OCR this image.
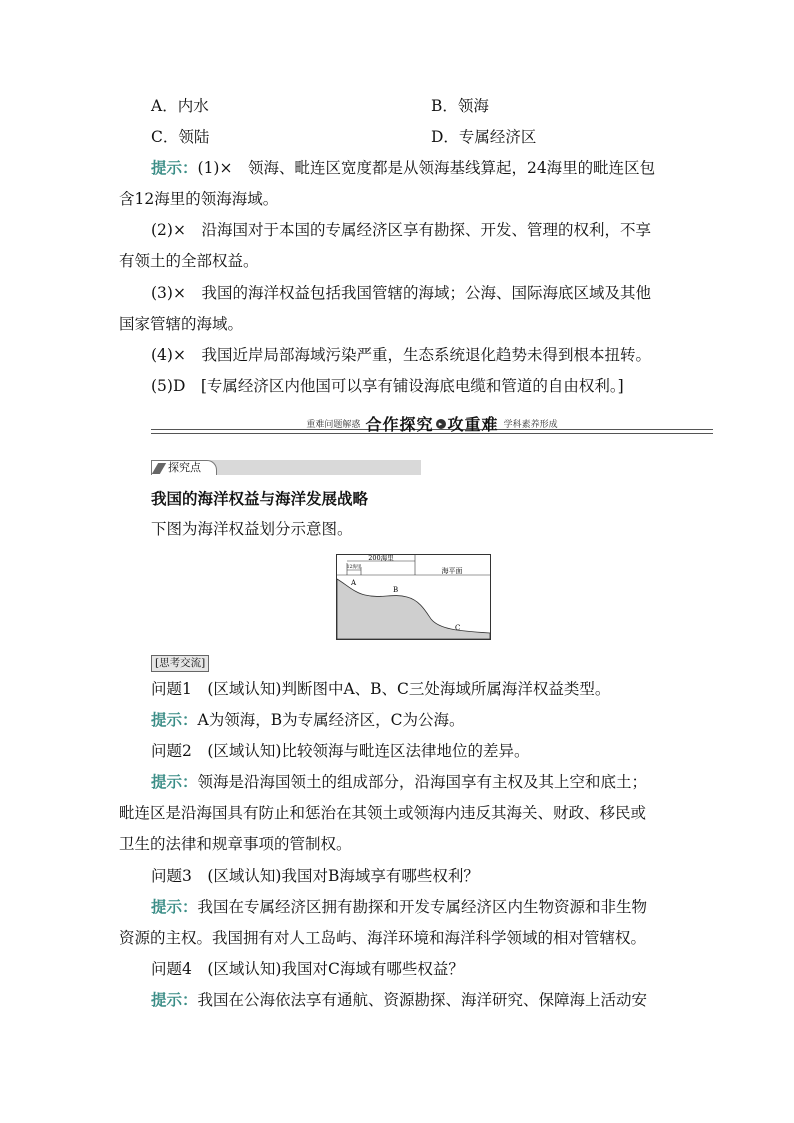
A．内水	B．领海
C．领陆	D．专属经济区
提示：(1)×　领海、毗连区宽度都是从领海基线算起，24海里的毗连区包
含12海里的领海海域。
(2)×　沿海国对于本国的专属经济区享有勘探、开发、管理的权利，不享
有领土的全部权益。
(3)×　我国的海洋权益包括我国管辖的海域；公海、国际海底区域及其他
国家管辖的海域。
(4)×　我国近岸局部海域污染严重，生态系统退化趋势未得到根本扭转。
(5)D　[专属经济区内他国可以享有铺设海底电缆和管道的自由权利。]
重难问题解惑 合作探究 ▸ 攻重难 学科素养形成
探究点
我国的海洋权益与海洋发展战略
下图为海洋权益划分示意图。
200海里
12海里	海平面
A
B
C
[思考交流]
问题1　(区域认知)判断图中A、B、C三处海域所属海洋权益类型。
提示：A为领海，B为专属经济区，C为公海。
问题2　(区域认知)比较领海与毗连区法律地位的差异。
提示：领海是沿海国领土的组成部分，沿海国享有主权及其上空和底土；
毗连区是沿海国具有防止和惩治在其领土或领海内违反其海关、财政、移民或
卫生的法律和规章事项的管制权。
问题3　(区域认知)我国对B海域享有哪些权利？
提示：我国在专属经济区拥有勘探和开发专属经济区内生物资源和非生物
资源的主权。我国拥有对人工岛屿、海洋环境和海洋科学领域的相对管辖权。
问题4　(区域认知)我国对C海域有哪些权益？
提示：我国在公海依法享有通航、资源勘探、海洋研究、保障海上活动安
